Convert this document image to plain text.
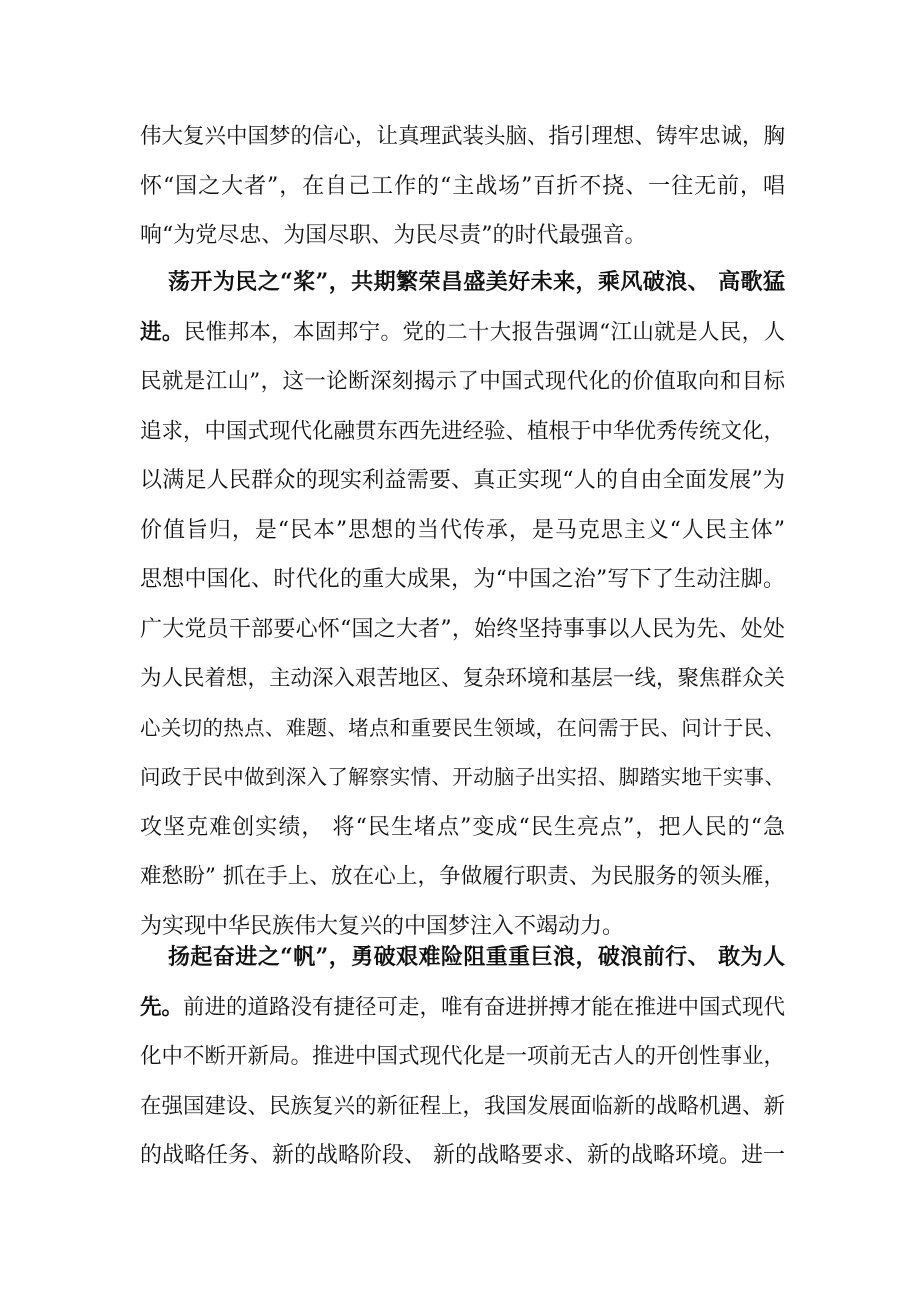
伟大复兴中国梦的信心，让真理武装头脑、指引理想、铸牢忠诚，胸
怀“国之大者”，在自己工作的“主战场”百折不挠、一往无前，唱
响“为党尽忠、为国尽职、为民尽责”的时代最强音。
荡开为民之“桨”，共期繁荣昌盛美好未来，乘风破浪、 高歌猛
进。民惟邦本，本固邦宁。党的二十大报告强调“江山就是人民，人
民就是江山”，这一论断深刻揭示了中国式现代化的价值取向和目标
追求，中国式现代化融贯东西先进经验、植根于中华优秀传统文化，
以满足人民群众的现实利益需要、真正实现“人的自由全面发展”为
价值旨归，是“民本”思想的当代传承，是马克思主义“人民主体”
思想中国化、时代化的重大成果，为“中国之治”写下了生动注脚。
广大党员干部要心怀“国之大者”，始终坚持事事以人民为先、处处
为人民着想，主动深入艰苦地区、复杂环境和基层一线，聚焦群众关
心关切的热点、难题、堵点和重要民生领域，在问需于民、问计于民、
问政于民中做到深入了解察实情、开动脑子出实招、脚踏实地干实事、
攻坚克难创实绩， 将“民生堵点”变成“民生亮点”，把人民的“急
难愁盼” 抓在手上、放在心上，争做履行职责、为民服务的领头雁，
为实现中华民族伟大复兴的中国梦注入不竭动力。
扬起奋进之“帆”，勇破艰难险阻重重巨浪，破浪前行、 敢为人
先。前进的道路没有捷径可走，唯有奋进拼搏才能在推进中国式现代
化中不断开新局。推进中国式现代化是一项前无古人的开创性事业，
在强国建设、民族复兴的新征程上，我国发展面临新的战略机遇、新
的战略任务、新的战略阶段、 新的战略要求、新的战略环境。进一
